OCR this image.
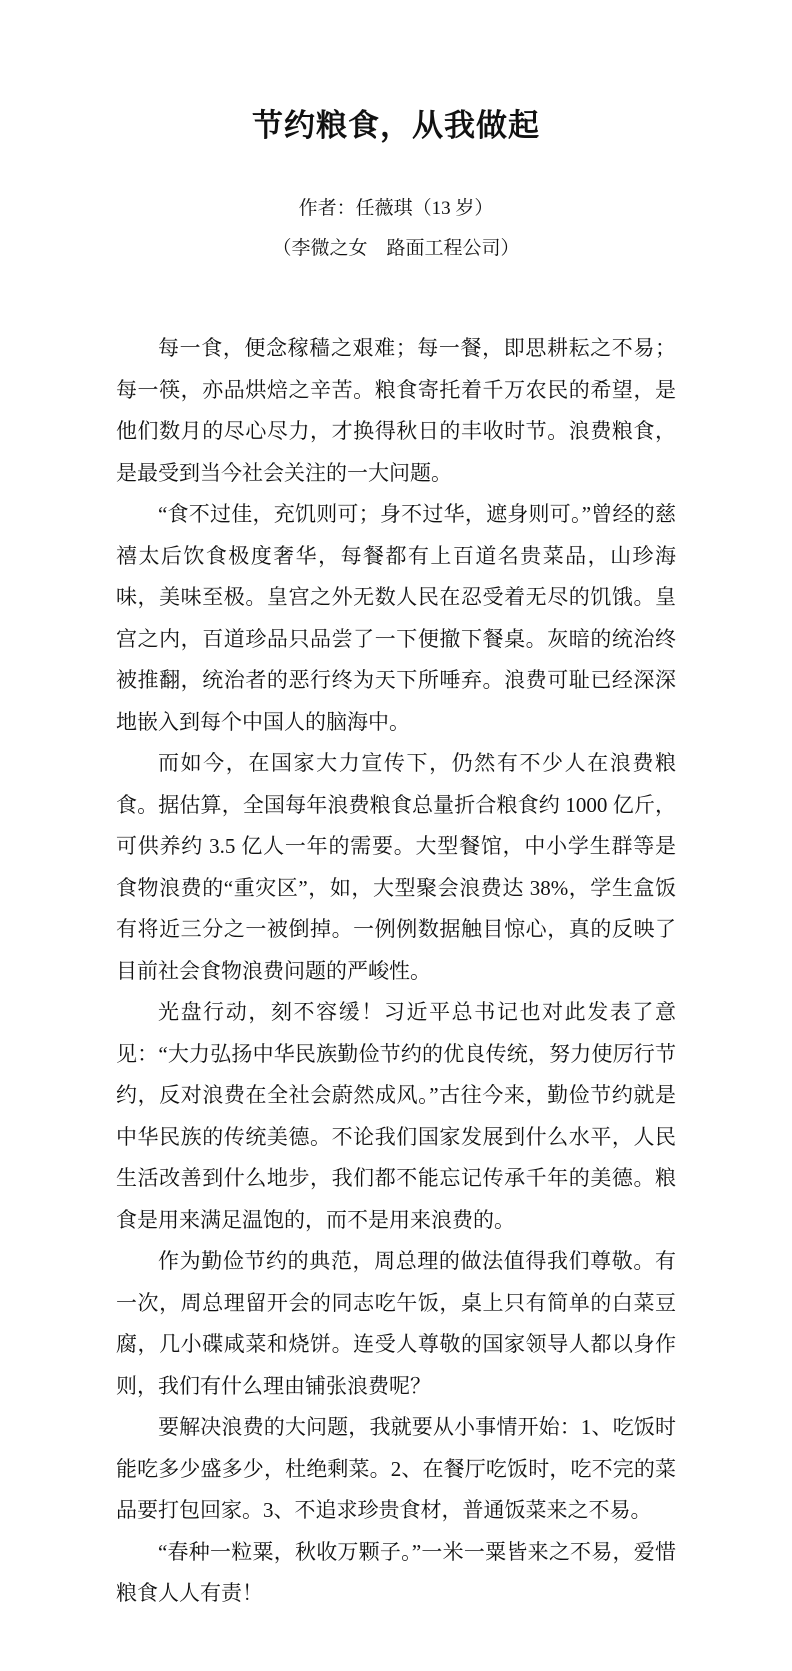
节约粮食，从我做起

作者：任薇琪（13 岁）

（李微之女　路面工程公司）

每一食，便念稼穑之艰难；每一餐，即思耕耘之不易；每一筷，亦品烘焙之辛苦。粮食寄托着千万农民的希望，是他们数月的尽心尽力，才换得秋日的丰收时节。浪费粮食，是最受到当今社会关注的一大问题。

“食不过佳，充饥则可；身不过华，遮身则可。”曾经的慈禧太后饮食极度奢华，每餐都有上百道名贵菜品，山珍海味，美味至极。皇宫之外无数人民在忍受着无尽的饥饿。皇宫之内，百道珍品只品尝了一下便撤下餐桌。灰暗的统治终被推翻，统治者的恶行终为天下所唾弃。浪费可耻已经深深地嵌入到每个中国人的脑海中。

而如今，在国家大力宣传下，仍然有不少人在浪费粮食。据估算，全国每年浪费粮食总量折合粮食约 1000 亿斤，可供养约 3.5 亿人一年的需要。大型餐馆，中小学生群等是食物浪费的“重灾区”，如，大型聚会浪费达 38%，学生盒饭有将近三分之一被倒掉。一例例数据触目惊心，真的反映了目前社会食物浪费问题的严峻性。

光盘行动，刻不容缓！习近平总书记也对此发表了意见：“大力弘扬中华民族勤俭节约的优良传统，努力使厉行节约，反对浪费在全社会蔚然成风。”古往今来，勤俭节约就是中华民族的传统美德。不论我们国家发展到什么水平，人民生活改善到什么地步，我们都不能忘记传承千年的美德。粮食是用来满足温饱的，而不是用来浪费的。

作为勤俭节约的典范，周总理的做法值得我们尊敬。有一次，周总理留开会的同志吃午饭，桌上只有简单的白菜豆腐，几小碟咸菜和烧饼。连受人尊敬的国家领导人都以身作则，我们有什么理由铺张浪费呢？

要解决浪费的大问题，我就要从小事情开始：1、吃饭时能吃多少盛多少，杜绝剩菜。2、在餐厅吃饭时，吃不完的菜品要打包回家。3、不追求珍贵食材，普通饭菜来之不易。

“春种一粒粟，秋收万颗子。”一米一粟皆来之不易，爱惜粮食人人有责！
